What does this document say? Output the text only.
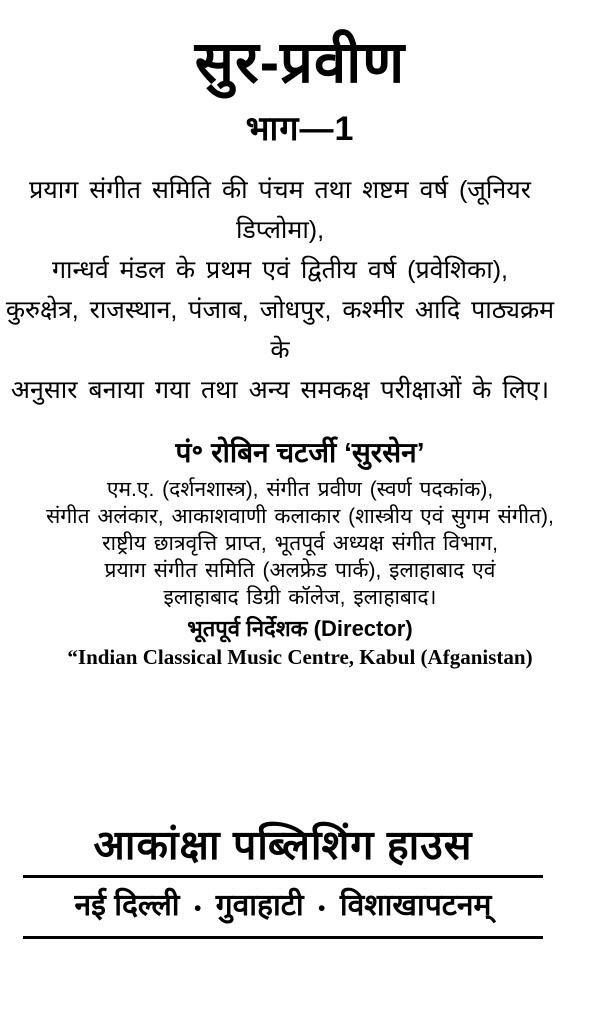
सुर-प्रवीण
भाग—1
प्रयाग संगीत समिति की पंचम तथा शष्टम वर्ष (जूनियर डिप्लोमा),
गान्धर्व मंडल के प्रथम एवं द्वितीय वर्ष (प्रवेशिका),
कुरुक्षेत्र, राजस्थान, पंजाब, जोधपुर, कश्मीर आदि पाठ्यक्रम के
अनुसार बनाया गया तथा अन्य समकक्ष परीक्षाओं के लिए।
पं॰ रोबिन चटर्जी ‘सुरसेन’
एम.ए. (दर्शनशास्त्र), संगीत प्रवीण (स्वर्ण पदकांक),
संगीत अलंकार, आकाशवाणी कलाकार (शास्त्रीय एवं सुगम संगीत),
राष्ट्रीय छात्रवृत्ति प्राप्त, भूतपूर्व अध्यक्ष संगीत विभाग,
प्रयाग संगीत समिति (अलफ्रेड पार्क), इलाहाबाद एवं
इलाहाबाद डिग्री कॉलेज, इलाहाबाद।
भूतपूर्व निर्देशक (Director)
“Indian Classical Music Centre, Kabul (Afganistan)
आकांक्षा पब्लिशिंग हाउस
नई दिल्ली ● गुवाहाटी ● विशाखापटनम्
